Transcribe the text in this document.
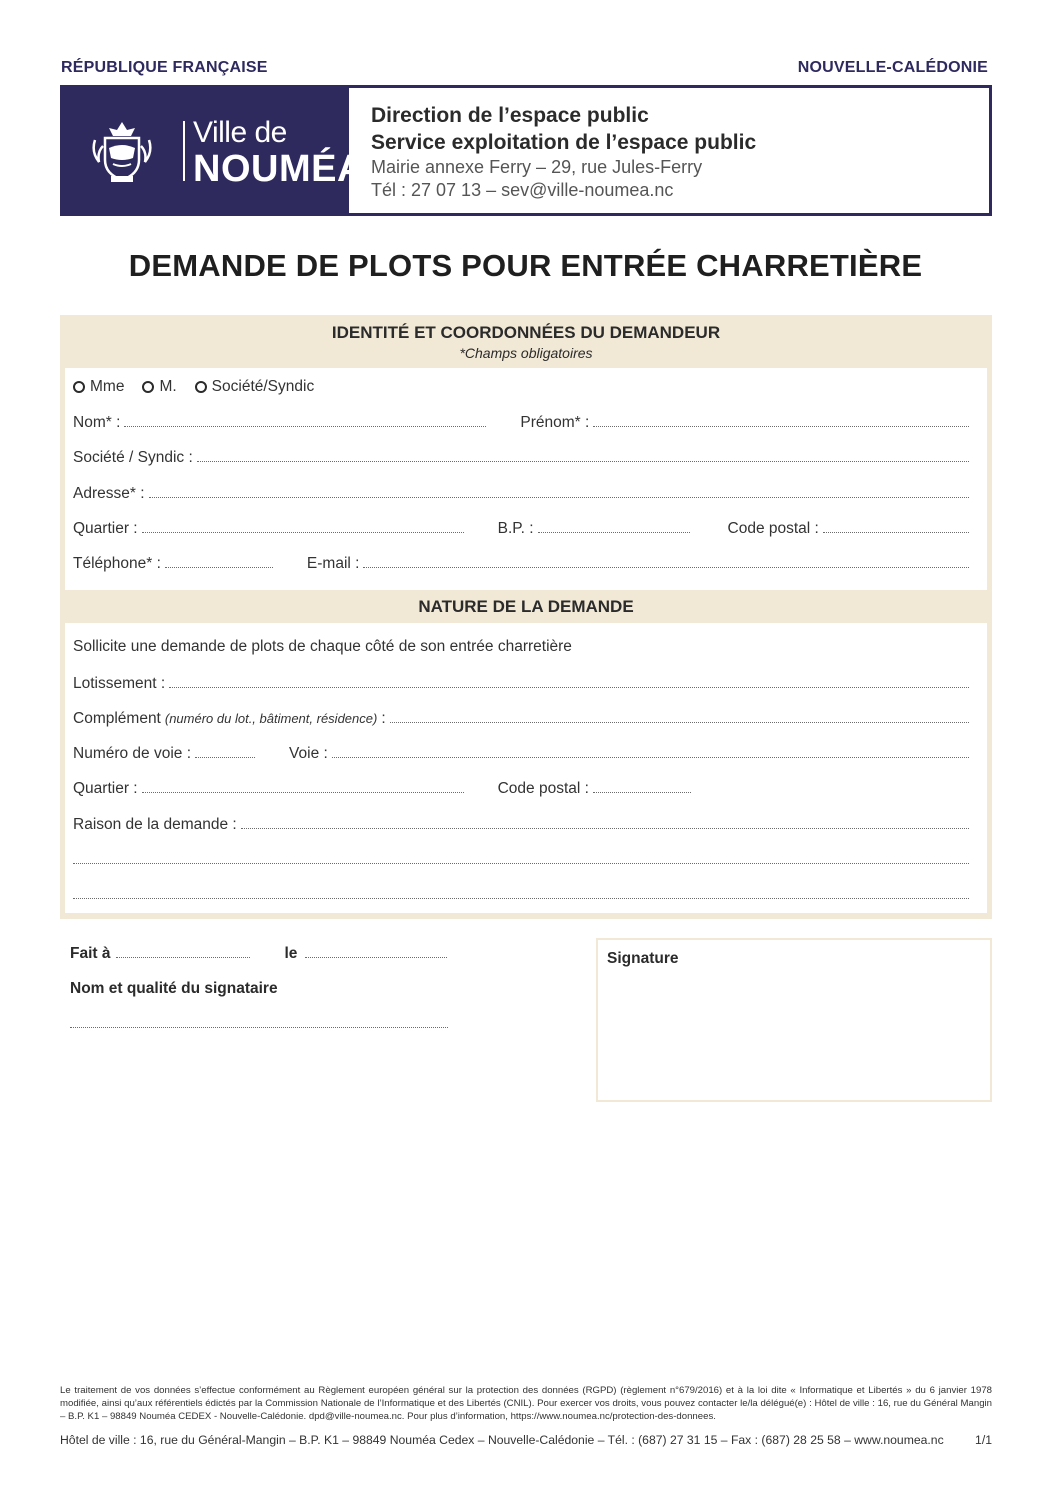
RÉPUBLIQUE FRANÇAISE	NOUVELLE-CALÉDONIE
Ville de
NOUMÉA
Direction de l’espace public
Service exploitation de l’espace public
Mairie annexe Ferry – 29, rue Jules-Ferry
Tél : 27 07 13 – sev@ville-noumea.nc
DEMANDE DE PLOTS POUR ENTRÉE CHARRETIÈRE
IDENTITÉ ET COORDONNÉES DU DEMANDEUR
*Champs obligatoires
Mme M. Société/Syndic
Nom* :	Prénom* :
Société / Syndic :
Adresse* :
Quartier :	B.P. :	Code postal :
Téléphone* :	E-mail :
NATURE DE LA DEMANDE
Sollicite une demande de plots de chaque côté de son entrée charretière
Lotissement :
Complément (numéro du lot., bâtiment, résidence) :
Numéro de voie :	Voie :
Quartier :	Code postal :
Raison de la demande :
Fait à	le
Nom et qualité du signataire
Signature
Le traitement de vos données s’effectue conformément au Règlement européen général sur la protection des données (RGPD) (règlement n°679/2016) et à la loi dite « Informatique et Libertés » du 6 janvier 1978 modifiée, ainsi qu’aux référentiels édictés par la Commission Nationale de l’Informatique et des Libertés (CNIL). Pour exercer vos droits, vous pouvez contacter le/la délégué(e) : Hôtel de ville : 16, rue du Général Mangin – B.P. K1 – 98849 Nouméa CEDEX - Nouvelle-Calédonie. dpd@ville-noumea.nc. Pour plus d’information, https://www.noumea.nc/protection-des-donnees.
Hôtel de ville : 16, rue du Général-Mangin – B.P. K1 – 98849 Nouméa Cedex – Nouvelle-Calédonie – Tél. : (687) 27 31 15 – Fax : (687) 28 25 58 – www.noumea.nc	1/1
